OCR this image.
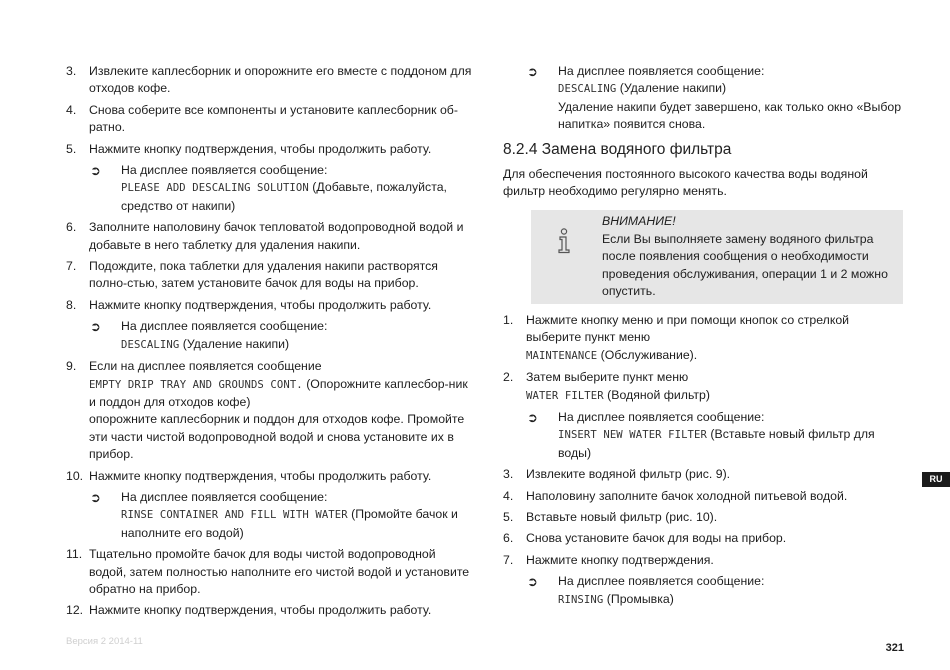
3. Извлеките каплесборник и опорожните его вместе с поддоном для отходов кофе.
4. Снова соберите все компоненты и установите каплесборник об-ратно.
5. Нажмите кнопку подтверждения, чтобы продолжить работу.
➲ На дисплее появляется сообщение:
PLEASE ADD DESCALING SOLUTION (Добавьте, пожалуйста, средство от накипи)
6. Заполните наполовину бачок тепловатой водопроводной водой и добавьте в него таблетку для удаления накипи.
7. Подождите, пока таблетки для удаления накипи растворятся полно-стью, затем установите бачок для воды на прибор.
8. Нажмите кнопку подтверждения, чтобы продолжить работу.
➲ На дисплее появляется сообщение:
DESCALING (Удаление накипи)
9. Если на дисплее появляется сообщение
EMPTY DRIP TRAY AND GROUNDS CONT. (Опорожните каплесбор-ник и поддон для отходов кофе)
опорожните каплесборник и поддон для отходов кофе. Промойте эти части чистой водопроводной водой и снова установите их в прибор.
10. Нажмите кнопку подтверждения, чтобы продолжить работу.
➲ На дисплее появляется сообщение:
RINSE CONTAINER AND FILL WITH WATER (Промойте бачок и наполните его водой)
11. Тщательно промойте бачок для воды чистой водопроводной водой, затем полностью наполните его чистой водой и установите обратно на прибор.
12. Нажмите кнопку подтверждения, чтобы продолжить работу.
➲ На дисплее появляется сообщение:
DESCALING (Удаление накипи)
Удаление накипи будет завершено, как только окно «Выбор напитка» появится снова.
8.2.4 Замена водяного фильтра
Для обеспечения постоянного высокого качества воды водяной фильтр необходимо регулярно менять.
ВНИМАНИЕ!
Если Вы выполняете замену водяного фильтра после появления сообщения о необходимости проведения обслуживания, операции 1 и 2 можно опустить.
1. Нажмите кнопку меню и при помощи кнопок со стрелкой выберите пункт меню
MAINTENANCE (Обслуживание).
2. Затем выберите пункт меню
WATER FILTER (Водяной фильтр)
➲ На дисплее появляется сообщение:
INSERT NEW WATER FILTER (Вставьте новый фильтр для воды)
3. Извлеките водяной фильтр (рис. 9).
4. Наполовину заполните бачок холодной питьевой водой.
5. Вставьте новый фильтр (рис. 10).
6. Снова установите бачок для воды на прибор.
7. Нажмите кнопку подтверждения.
➲ На дисплее появляется сообщение:
RINSING (Промывка)
RU
Версия 2 2014-11
321
